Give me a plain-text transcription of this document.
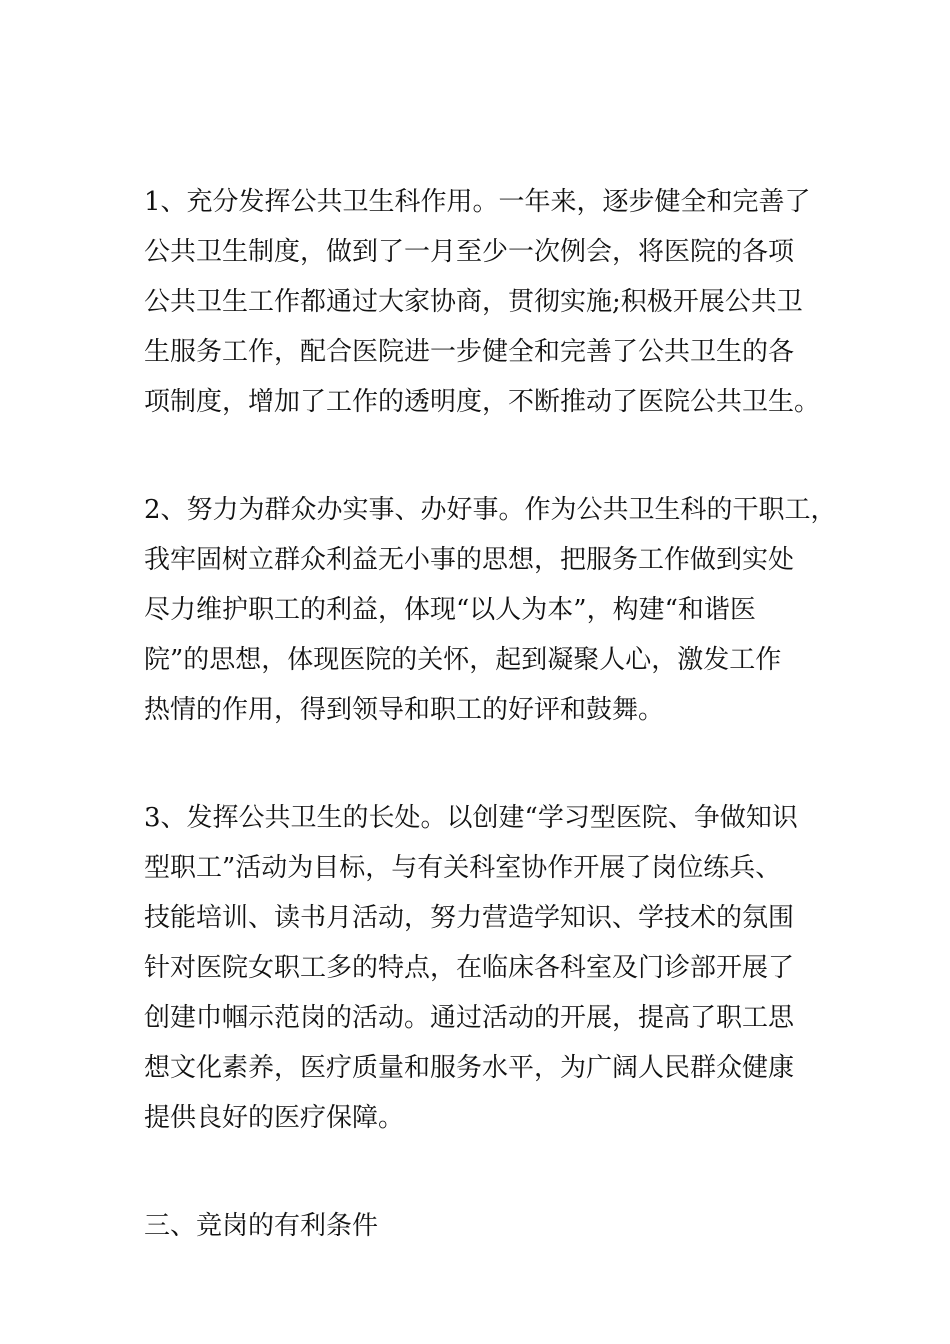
1、充分发挥公共卫生科作用。一年来，逐步健全和完善了
公共卫生制度，做到了一月至少一次例会，将医院的各项
公共卫生工作都通过大家协商，贯彻实施;积极开展公共卫
生服务工作，配合医院进一步健全和完善了公共卫生的各
项制度，增加了工作的透明度，不断推动了医院公共卫生。
2、努力为群众办实事、办好事。作为公共卫生科的干职工，
我牢固树立群众利益无小事的思想，把服务工作做到实处
尽力维护职工的利益，体现“以人为本”，构建“和谐医
院”的思想，体现医院的关怀，起到凝聚人心，激发工作
热情的作用，得到领导和职工的好评和鼓舞。
3、发挥公共卫生的长处。以创建“学习型医院、争做知识
型职工”活动为目标，与有关科室协作开展了岗位练兵、
技能培训、读书月活动，努力营造学知识、学技术的氛围
针对医院女职工多的特点，在临床各科室及门诊部开展了
创建巾帼示范岗的活动。通过活动的开展，提高了职工思
想文化素养，医疗质量和服务水平，为广阔人民群众健康
提供良好的医疗保障。
三、竞岗的有利条件
